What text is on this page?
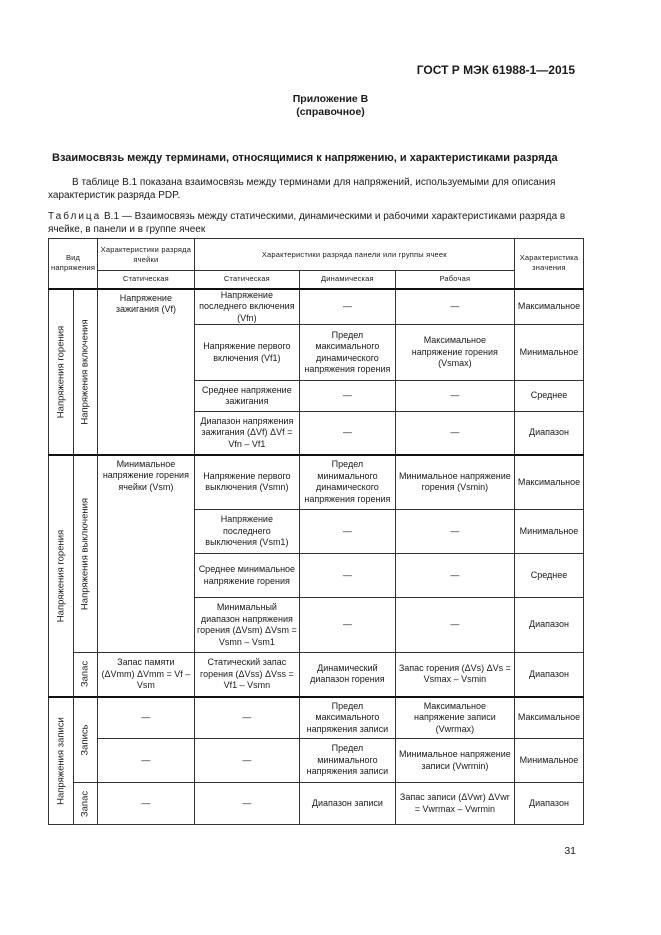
ГОСТ Р МЭК 61988-1—2015
Приложение В
(справочное)
Взаимосвязь между терминами, относящимися к напряжению, и характеристиками разряда
В таблице В.1 показана взаимосвязь между терминами для напряжений, используемыми для описания характеристик разряда PDP.
Таблица В.1 — Взаимосвязь между статическими, динамическими и рабочими характеристиками разряда в ячейке, в панели и в группе ячеек
Вид напряжения		Характеристики разряда ячейки	Характеристики разряда панели или группы ячеек			Характеристика значения
		Статическая	Статическая	Динамическая	Рабочая	

Напряжения горения	Напряжения включения	Напряжение зажигания (Vf)	Напряжение последнего включения (Vfn)	—	—	Максимальное
			Напряжение первого включения (Vf1)	Предел максимального динамического напряжения горения	Максимальное напряжение горения (Vsmax)	Минимальное
			Среднее напряжение зажигания	—	—	Среднее
			Диапазон напряжения зажигания (ΔVf) ΔVf = Vfn – Vf1	—	—	Диапазон

Напряжения горения	Напряжения выключения	Минимальное напряжение горения ячейки (Vsm)	Напряжение первого выключения (Vsmn)	Предел минимального динамического напряжения горения	Минимальное напряжение горения (Vsmin)	Максимальное
			Напряжение последнего выключения (Vsm1)	—	—	Минимальное
			Среднее минимальное напряжение горения	—	—	Среднее
			Минимальный диапазон напряжения горения (ΔVsm) ΔVsm = Vsmn – Vsm1	—	—	Диапазон

	Запас	Запас памяти (ΔVmm) ΔVmm = Vf – Vsm	Статический запас горения (ΔVss) ΔVss = Vf1 – Vsmn	Динамический диапазон горения	Запас горения (ΔVs) ΔVs = Vsmax – Vsmin	Диапазон

Напряжения записи	Запись	—	—	Предел максимального напряжения записи	Максимальное напряжение записи (Vwrmax)	Максимальное
		—	—	Предел минимального напряжения записи	Минимальное напряжение записи (Vwrmin)	Минимальное

	Запас	—	—	Диапазон записи	Запас записи (ΔVwr) ΔVwr = Vwrmax – Vwrmin	Диапазон
31
